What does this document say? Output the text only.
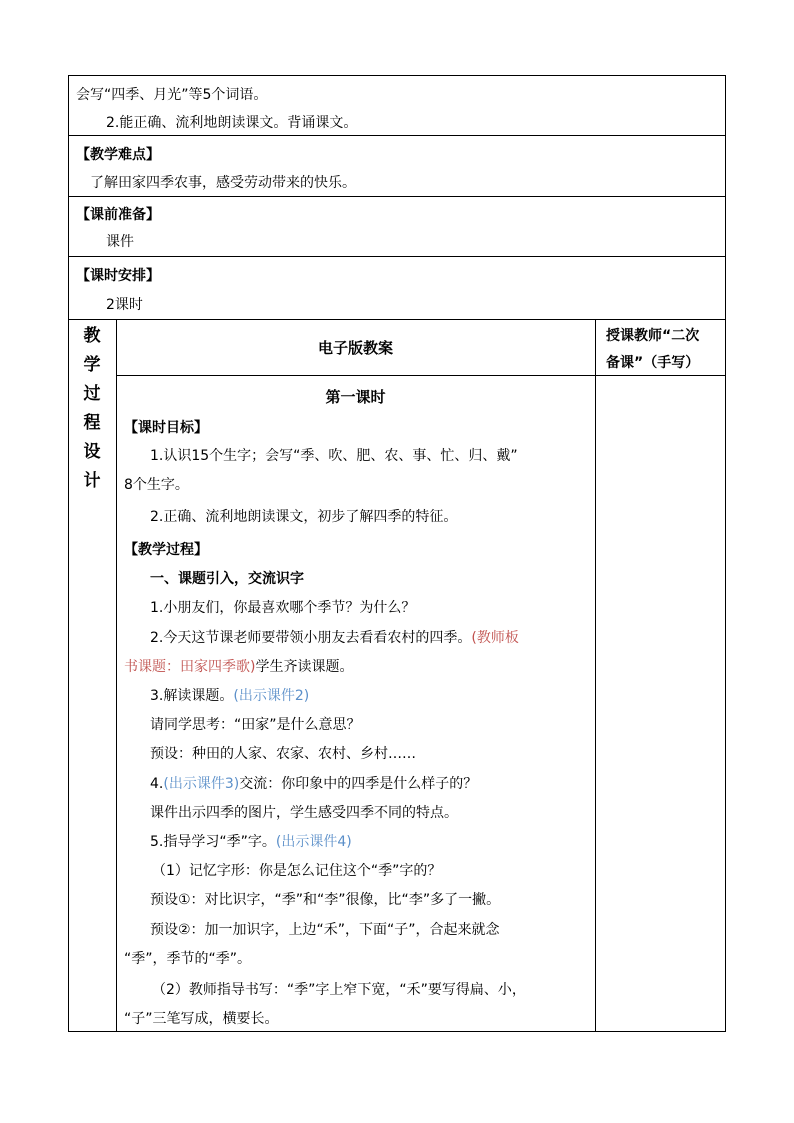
会写“四季、月光”等5个词语。
2.能正确、流利地朗读课文。背诵课文。
【教学难点】
了解田家四季农事，感受劳动带来的快乐。
【课前准备】
课件
【课时安排】
2课时
教
学
过
程
设
计
电子版教案
授课教师“二次
备课”（手写）
第一课时
【课时目标】
1.认识15个生字；会写“季、吹、肥、农、事、忙、归、戴”
8个生字。
2.正确、流利地朗读课文，初步了解四季的特征。
【教学过程】
一、课题引入，交流识字
1.小朋友们，你最喜欢哪个季节？为什么？
2.今天这节课老师要带领小朋友去看看农村的四季。(教师板
书课题：田家四季歌)学生齐读课题。
3.解读课题。(出示课件2)
请同学思考：“田家”是什么意思？
预设：种田的人家、农家、农村、乡村……
4.(出示课件3)交流：你印象中的四季是什么样子的？
课件出示四季的图片，学生感受四季不同的特点。
5.指导学习“季”字。(出示课件4)
（1）记忆字形：你是怎么记住这个“季”字的？
预设①：对比识字，“季”和“李”很像，比“李”多了一撇。
预设②：加一加识字，上边“禾”，下面“子”，合起来就念
“季”，季节的“季”。
（2）教师指导书写：“季”字上窄下宽，“禾”要写得扁、小，
“子”三笔写成，横要长。
